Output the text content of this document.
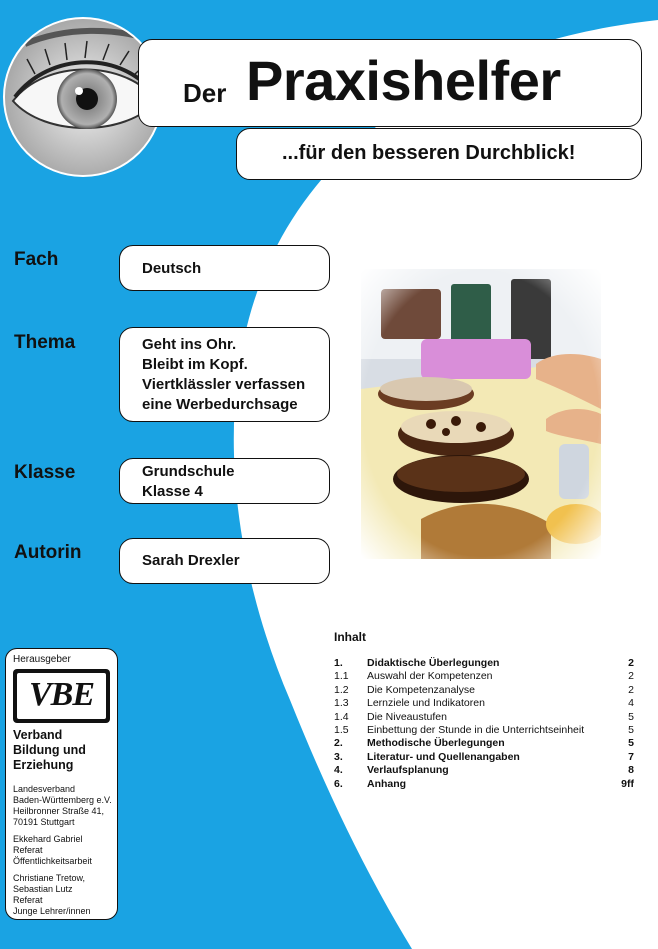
Der Praxishelfer
...für den besseren Durchblick!
Fach	Deutsch
Thema	Geht ins Ohr.
Bleibt im Kopf.
Viertklässler verfassen
eine Werbedurchsage
Klasse	Grundschule
Klasse 4
Autorin	Sarah Drexler
Herausgeber
VBE
Verband
Bildung und
Erziehung
Landesverband
Baden-Württemberg e.V.
Heilbronner Straße 41,
70191 Stuttgart
Ekkehard Gabriel
Referat
Öffentlichkeitsarbeit
Christiane Tretow,
Sebastian Lutz
Referat
Junge Lehrer/innen
Inhalt
1. Didaktische Überlegungen	2
1.1 Auswahl der Kompetenzen	2
1.2 Die Kompetenzanalyse	2
1.3 Lernziele und Indikatoren	4
1.4 Die Niveaustufen	5
1.5 Einbettung der Stunde in die Unterrichtseinheit	5
2. Methodische Überlegungen	5
3. Literatur- und Quellenangaben	7
4. Verlaufsplanung	8
6. Anhang	9ff
